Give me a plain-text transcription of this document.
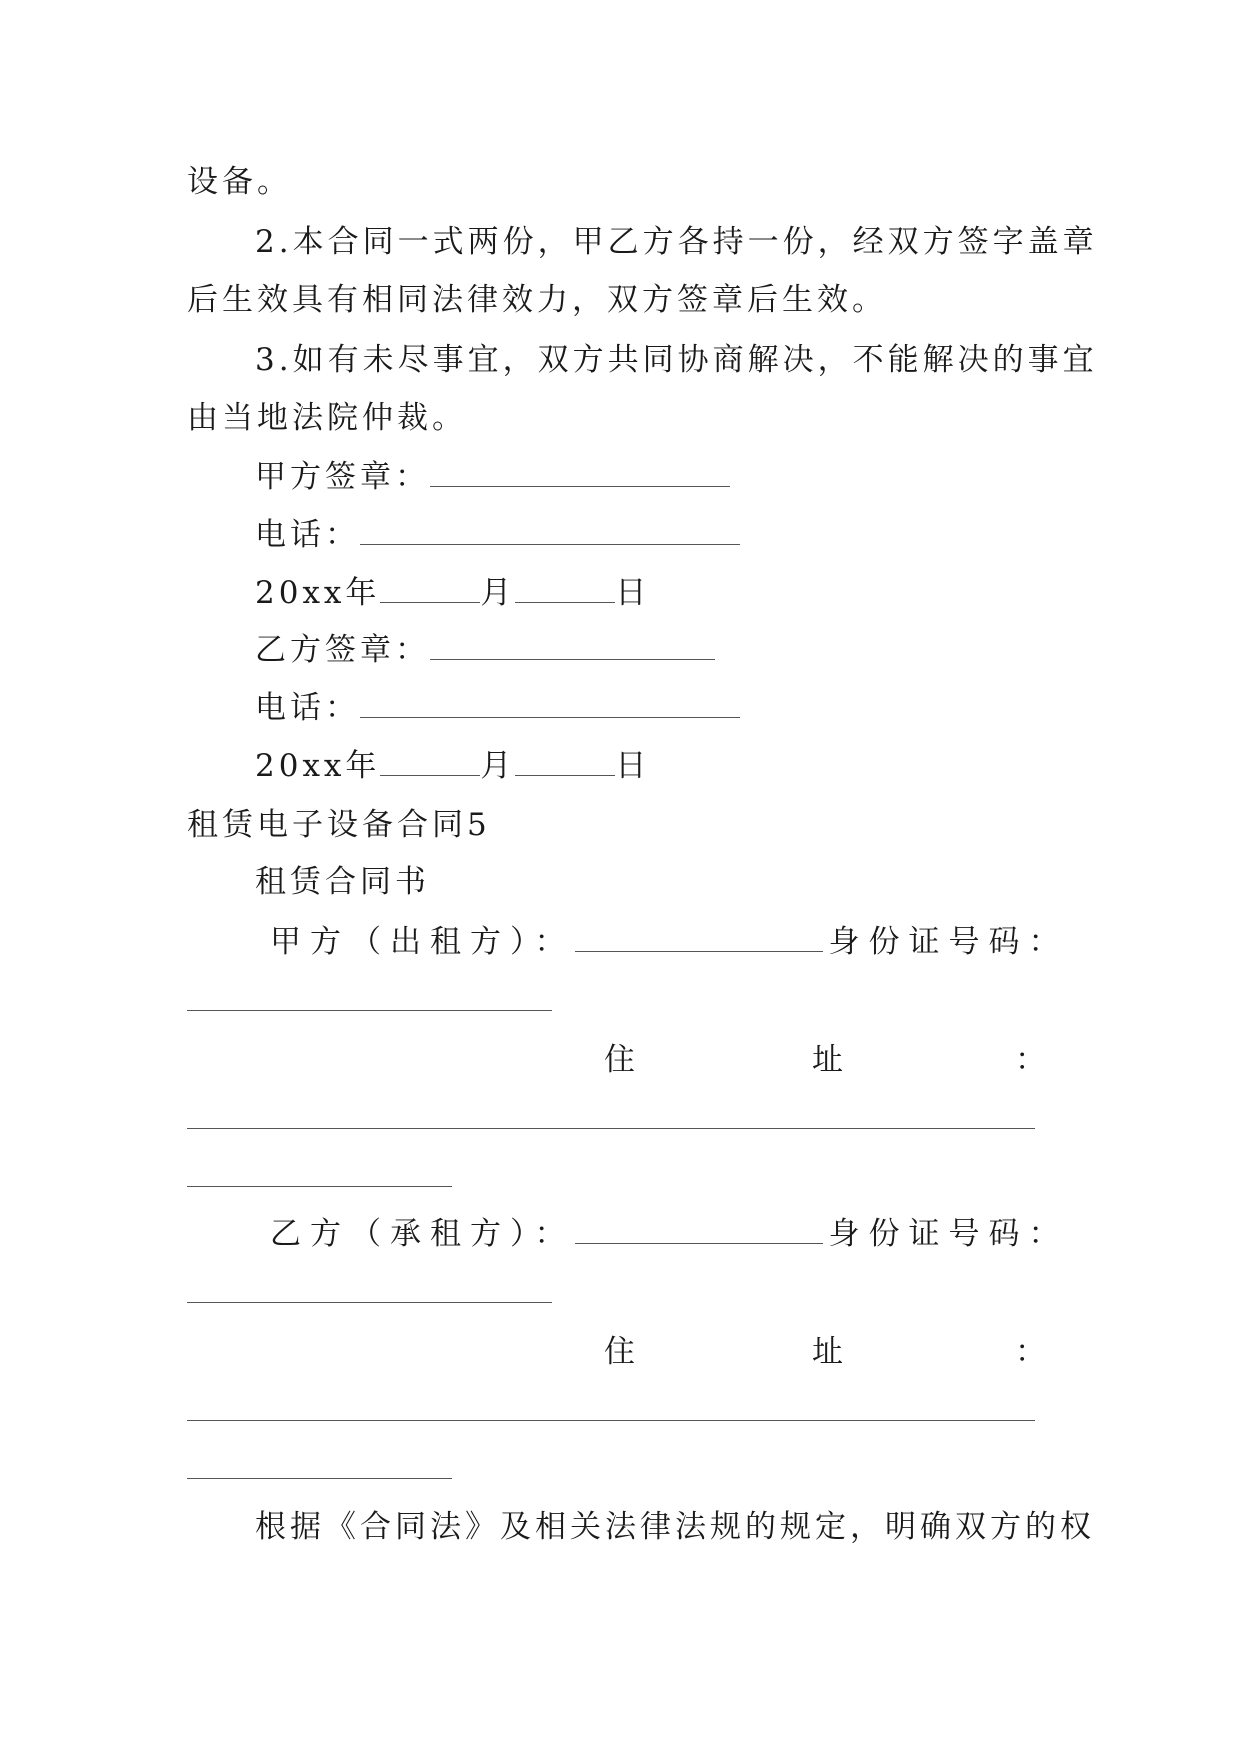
设备。
2.本合同一式两份，甲乙方各持一份，经双方签字盖章
后生效具有相同法律效力，双方签章后生效。
3.如有未尽事宜，双方共同协商解决，不能解决的事宜
由当地法院仲裁。
甲方签章：
电话：
20xx年	月	日
乙方签章：
电话：
20xx年	月	日
租赁电子设备合同5
租赁合同书
甲方（出租方）：	身份证号码：
住	址	：
乙方（承租方）：	身份证号码：
住	址	：
根据《合同法》及相关法律法规的规定，明确双方的权
